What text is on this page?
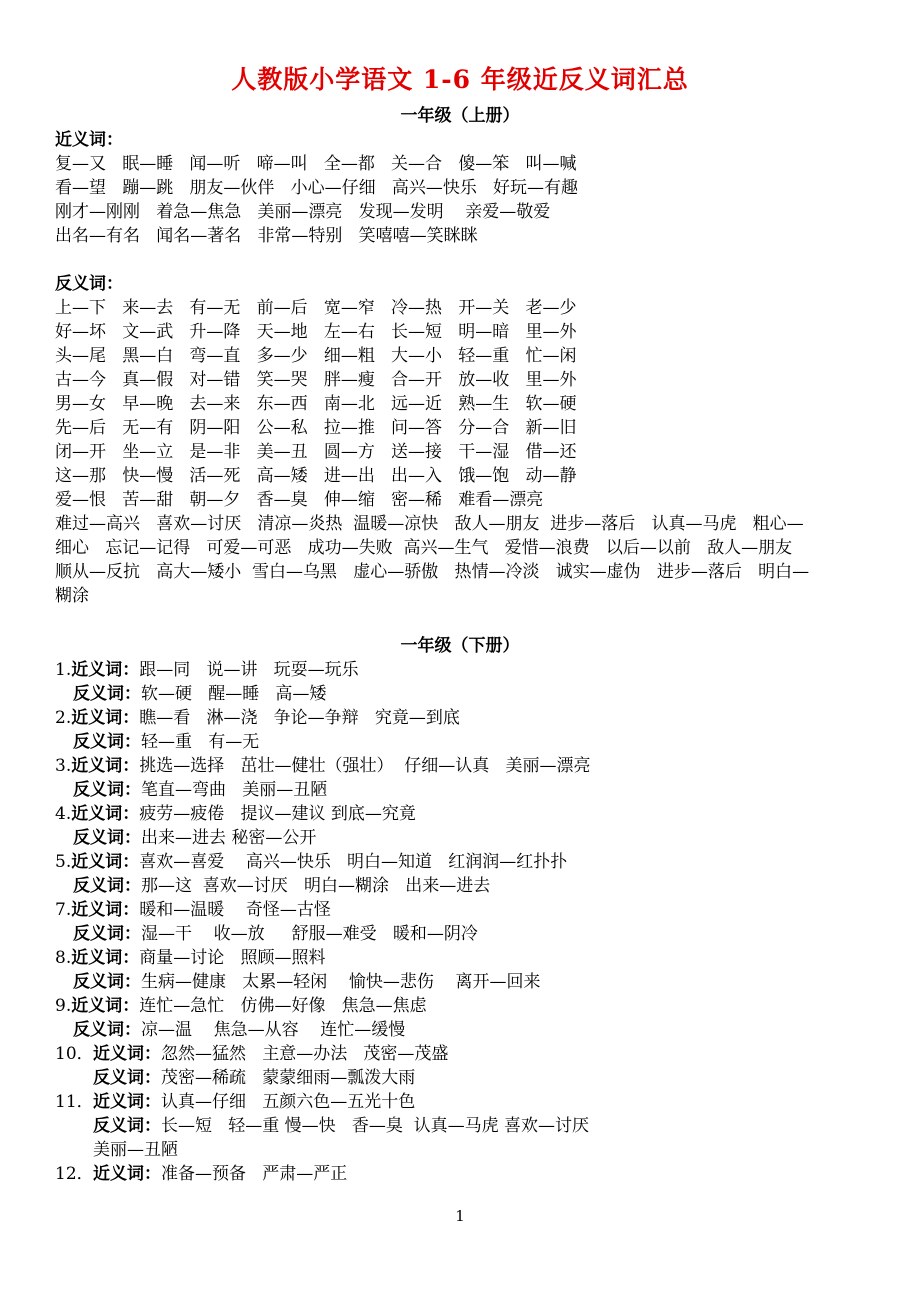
人教版小学语文 1-6 年级近反义词汇总
一年级（上册）
近义词：
复—又   眠—睡   闻—听   啼—叫   全—都   关—合   傻—笨   叫—喊
看—望   蹦—跳   朋友—伙伴   小心—仔细   高兴—快乐   好玩—有趣
刚才—刚刚   着急—焦急   美丽—漂亮   发现—发明    亲爱—敬爱
出名—有名   闻名—著名   非常—特别   笑嘻嘻—笑眯眯
反义词：
上—下   来—去   有—无   前—后   宽—窄   冷—热   开—关   老—少
好—坏   文—武   升—降   天—地   左—右   长—短   明—暗   里—外
头—尾   黑—白   弯—直   多—少   细—粗   大—小   轻—重   忙—闲
古—今   真—假   对—错   笑—哭   胖—瘦   合—开   放—收   里—外
男—女   早—晚   去—来   东—西   南—北   远—近   熟—生   软—硬
先—后   无—有   阴—阳   公—私   拉—推   问—答   分—合   新—旧
闭—开   坐—立   是—非   美—丑   圆—方   送—接   干—湿   借—还
这—那   快—慢   活—死   高—矮   进—出   出—入   饿—饱   动—静
爱—恨   苦—甜   朝—夕   香—臭   伸—缩   密—稀   难看—漂亮
难过—高兴   喜欢—讨厌   清凉—炎热  温暖—凉快   敌人—朋友  进步—落后   认真—马虎   粗心—
细心   忘记—记得   可爱—可恶   成功—失败  高兴—生气   爱惜—浪费   以后—以前   敌人—朋友
顺从—反抗   高大—矮小  雪白—乌黑   虚心—骄傲   热情—冷淡   诚实—虚伪   进步—落后   明白—
糊涂
一年级（下册）
1.近义词：跟—同   说—讲   玩耍—玩乐
反义词：软—硬   醒—睡   高—矮
2.近义词：瞧—看   淋—浇   争论—争辩   究竟—到底
反义词：轻—重   有—无
3.近义词：挑选—选择   茁壮—健壮（强壮）  仔细—认真   美丽—漂亮
反义词：笔直—弯曲   美丽—丑陋
4.近义词：疲劳—疲倦   提议—建议 到底—究竟
反义词：出来—进去 秘密—公开
5.近义词：喜欢—喜爱    高兴—快乐   明白—知道   红润润—红扑扑
反义词：那—这  喜欢—讨厌   明白—糊涂   出来—进去
7.近义词：暖和—温暖    奇怪—古怪
反义词：湿—干    收—放     舒服—难受   暖和—阴冷
8.近义词：商量—讨论   照顾—照料
反义词：生病—健康   太累—轻闲    愉快—悲伤    离开—回来
9.近义词：连忙—急忙   仿佛—好像   焦急—焦虑
反义词：凉—温    焦急—从容    连忙—缓慢
10．近义词：忽然—猛然   主意—办法   茂密—茂盛
反义词：茂密—稀疏   蒙蒙细雨—瓢泼大雨
11．近义词：认真—仔细   五颜六色—五光十色
反义词：长—短   轻—重 慢—快   香—臭  认真—马虎 喜欢—讨厌
美丽—丑陋
12．近义词：准备—预备   严肃—严正
1
